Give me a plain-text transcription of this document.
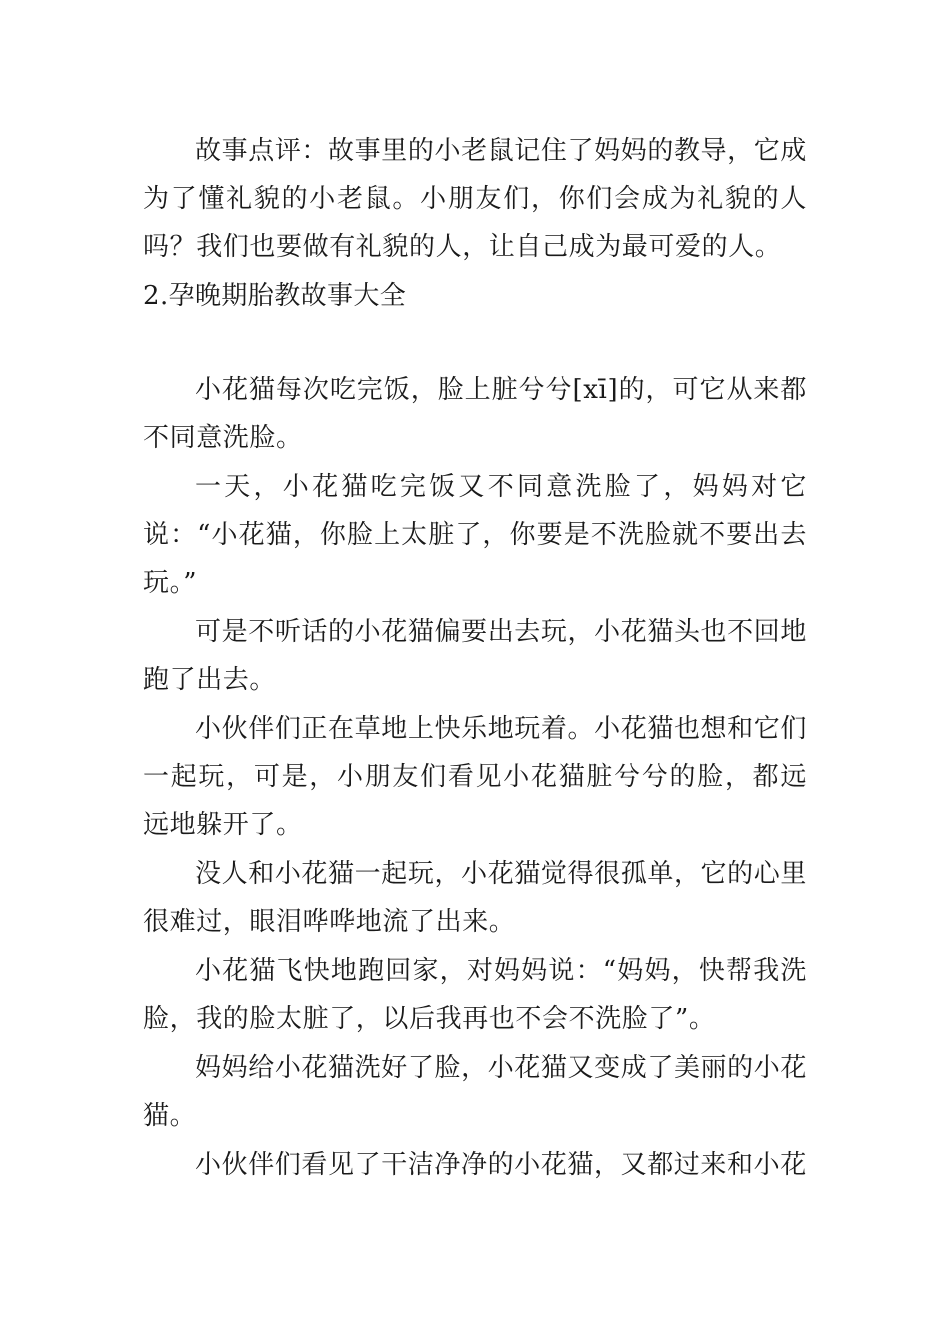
故事点评：故事里的小老鼠记住了妈妈的教导，它成为了懂礼貌的小老鼠。小朋友们，你们会成为礼貌的人吗？我们也要做有礼貌的人，让自己成为最可爱的人。

2.孕晚期胎教故事大全

小花猫每次吃完饭，脸上脏兮兮[xī]的，可它从来都不同意洗脸。

一天，小花猫吃完饭又不同意洗脸了，妈妈对它说：“小花猫，你脸上太脏了，你要是不洗脸就不要出去玩。”

可是不听话的小花猫偏要出去玩，小花猫头也不回地跑了出去。

小伙伴们正在草地上快乐地玩着。小花猫也想和它们一起玩，可是，小朋友们看见小花猫脏兮兮的脸，都远远地躲开了。

没人和小花猫一起玩，小花猫觉得很孤单，它的心里很难过，眼泪哗哗地流了出来。

小花猫飞快地跑回家，对妈妈说：“妈妈，快帮我洗脸，我的脸太脏了，以后我再也不会不洗脸了”。

妈妈给小花猫洗好了脸，小花猫又变成了美丽的小花猫。

小伙伴们看见了干洁净净的小花猫，又都过来和小花
